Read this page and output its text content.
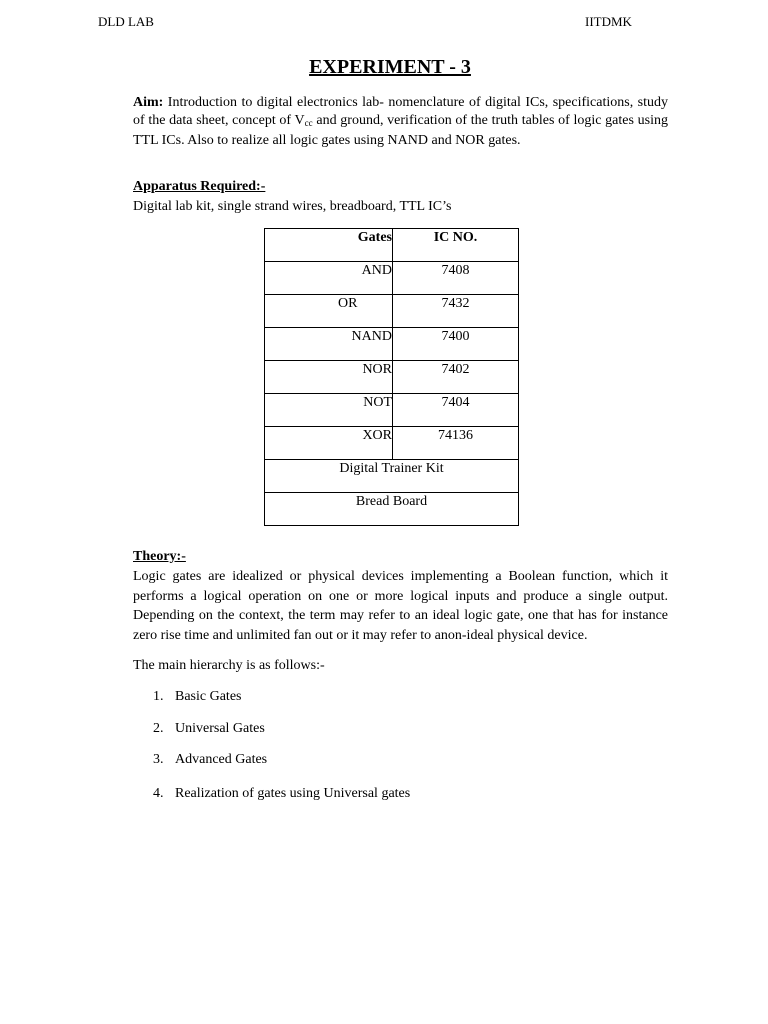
DLD LAB	IITDMK
EXPERIMENT - 3
Aim: Introduction to digital electronics lab- nomenclature of digital ICs, specifications, study of the data sheet, concept of $V_{cc}$ and ground, verification of the truth tables of logic gates using TTL ICs. Also to realize all logic gates using NAND and NOR gates.
Apparatus Required:-
Digital lab kit, single strand wires, breadboard, TTL IC’s
Gates	IC NO.
AND	7408
OR	7432
NAND	7400
NOR	7402
NOT	7404
XOR	74136
Digital Trainer Kit	
Bread Board	
Theory:-
Logic gates are idealized or physical devices implementing a Boolean function, which it performs a logical operation on one or more logical inputs and produce a single output. Depending on the context, the term may refer to an ideal logic gate, one that has for instance zero rise time and unlimited fan out or it may refer to anon-ideal physical device.
The main hierarchy is as follows:-
1. Basic Gates
2. Universal Gates
3. Advanced Gates
4. Realization of gates using Universal gates
